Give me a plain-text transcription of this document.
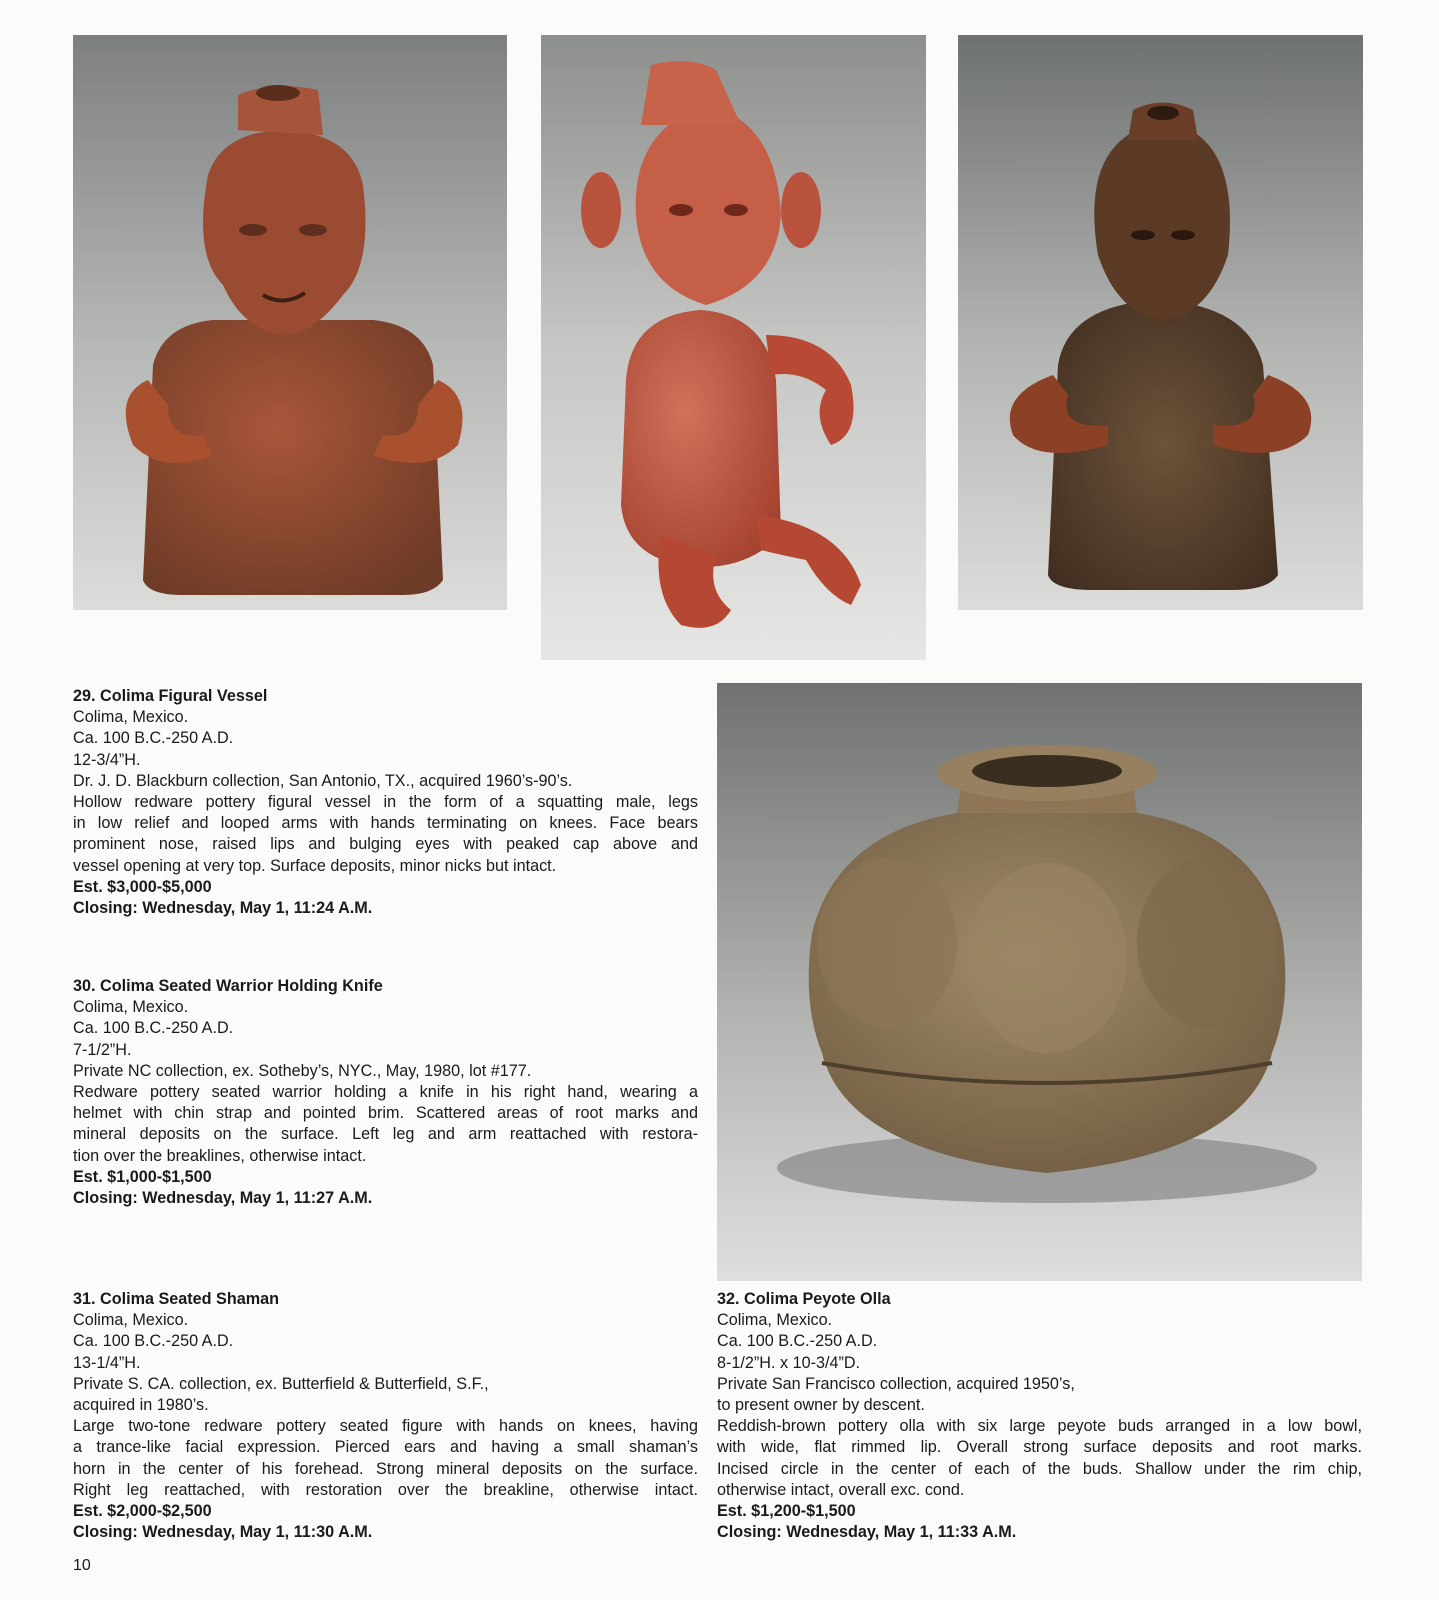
29. Colima Figural Vessel
Colima, Mexico.
Ca. 100 B.C.-250 A.D.
12-3/4”H.
Dr. J. D. Blackburn collection, San Antonio, TX., acquired 1960’s-90’s.
Hollow redware pottery figural vessel in the form of a squatting male, legs
in low relief and looped arms with hands terminating on knees. Face bears
prominent nose, raised lips and bulging eyes with peaked cap above and
vessel opening at very top. Surface deposits, minor nicks but intact.
Est. $3,000-$5,000
Closing: Wednesday, May 1, 11:24 A.M.
30. Colima Seated Warrior Holding Knife
Colima, Mexico.
Ca. 100 B.C.-250 A.D.
7-1/2”H.
Private NC collection, ex. Sotheby’s, NYC., May, 1980, lot #177.
Redware pottery seated warrior holding a knife in his right hand, wearing a
helmet with chin strap and pointed brim. Scattered areas of root marks and
mineral deposits on the surface. Left leg and arm reattached with restora-
tion over the breaklines, otherwise intact.
Est. $1,000-$1,500
Closing: Wednesday, May 1, 11:27 A.M.
31. Colima Seated Shaman
Colima, Mexico.
Ca. 100 B.C.-250 A.D.
13-1/4”H.
Private S. CA. collection, ex. Butterfield & Butterfield, S.F.,
acquired in 1980’s.
Large two-tone redware pottery seated figure with hands on knees, having
a trance-like facial expression. Pierced ears and having a small shaman’s
horn in the center of his forehead. Strong mineral deposits on the surface.
Right leg reattached, with restoration over the breakline, otherwise intact.
Est. $2,000-$2,500
Closing: Wednesday, May 1, 11:30 A.M.
32. Colima Peyote Olla
Colima, Mexico.
Ca. 100 B.C.-250 A.D.
8-1/2”H. x 10-3/4”D.
Private San Francisco collection, acquired 1950’s,
to present owner by descent.
Reddish-brown pottery olla with six large peyote buds arranged in a low bowl,
with wide, flat rimmed lip. Overall strong surface deposits and root marks.
Incised circle in the center of each of the buds. Shallow under the rim chip,
otherwise intact, overall exc. cond.
Est. $1,200-$1,500
Closing: Wednesday, May 1, 11:33 A.M.
10
